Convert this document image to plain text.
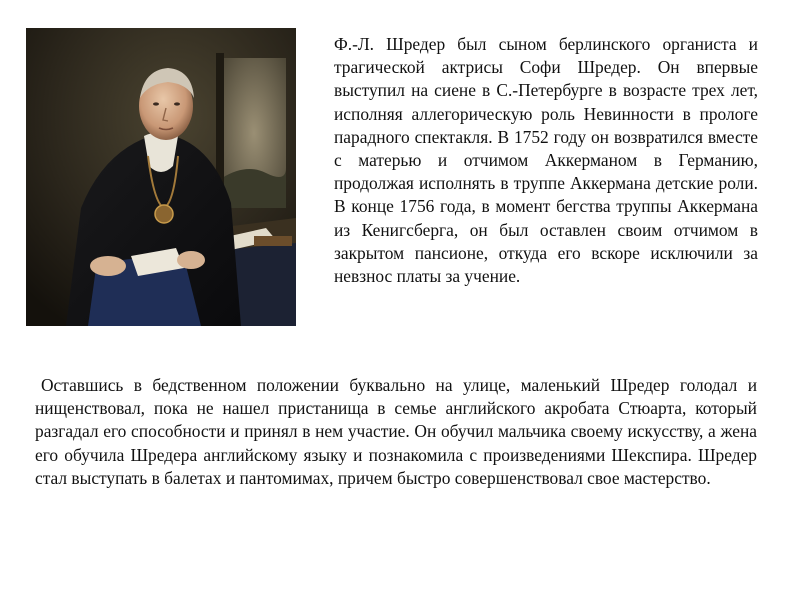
Ф.-Л. Шредер был сыном берлинского органиста и трагической актрисы Софи Шредер. Он впервые выступил на сиене в С.-Петербурге в возрасте трех лет, исполняя аллегорическую роль Невинности в прологе парадного спектакля. В 1752 году он возвратился вместе с матерью и отчимом Аккерманом в Германию, продолжая исполнять в труппе Аккермана детские роли. В конце 1756 года, в момент бегства труппы Аккермана из Кенигсберга, он был оставлен своим отчимом в закрытом пансионе, откуда его вскоре исключили за невзнос платы за учение.

Оставшись в бедственном положении буквально на улице, маленький Шредер голодал и нищенствовал, пока не нашел пристанища в семье английского акробата Стюарта, который разгадал его способности и принял в нем участие. Он обучил мальчика своему искусству, а жена его обучила Шредера английскому языку и познакомила с произведениями Шекспира. Шредер стал выступать в балетах и пантомимах, причем быстро совершенствовал свое мастерство.
